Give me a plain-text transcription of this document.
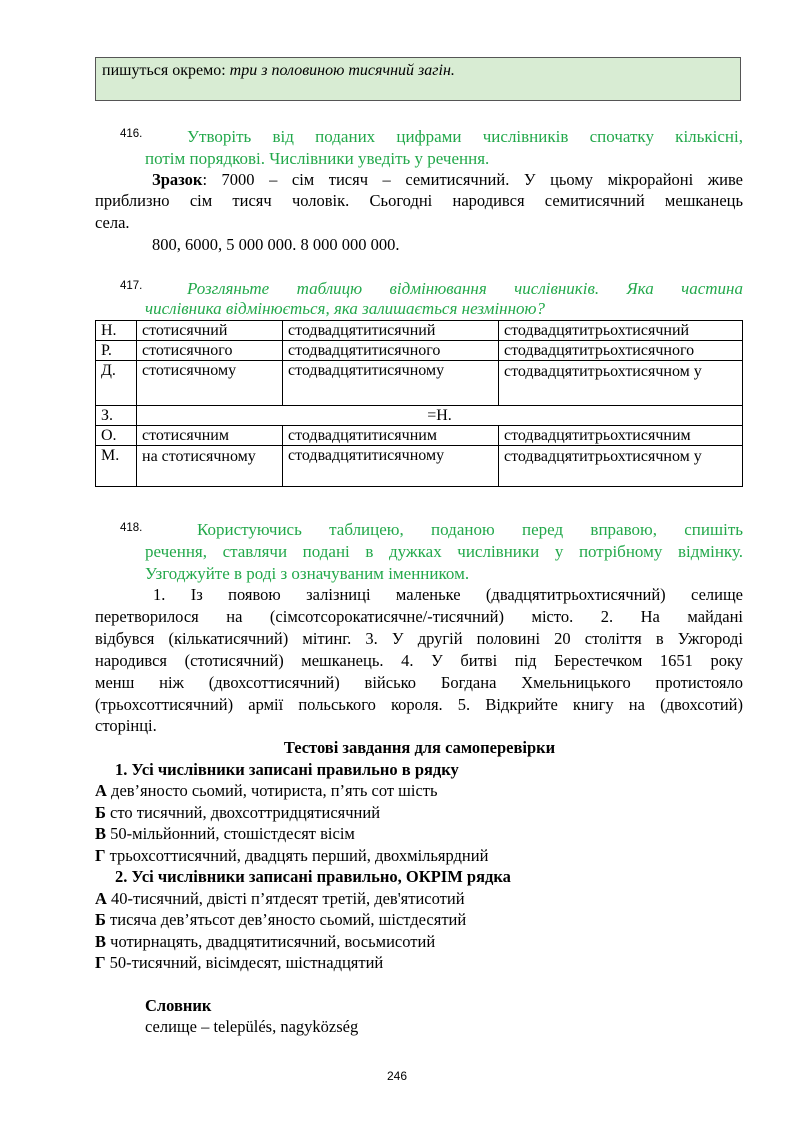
пишуться окремо: три з половиною тисячний загін.
416.	Утворіть від поданих цифрами числівників спочатку кількісні,
потім порядкові. Числівники уведіть у речення.
Зразок: 7000 – сім тисяч – семитисячний. У цьому мікрорайоні живе
приблизно сім тисяч чоловік. Сьогодні народився семитисячний мешканець
села.
800, 6000, 5 000 000. 8 000 000 000.
417.	Розгляньте таблицю відмінювання числівників. Яка частина
числівника відмінюється, яка залишається незмінною?
Н.	стотисячний	стодвадцятитисячний	стодвадцятитрьохтисячний
Р.	стотисячного	стодвадцятитисячного	стодвадцятитрьохтисячного
Д.	стотисячному	стодвадцятитисячному	стодвадцятитрьохтисячном у
З.	=Н.		
О.	стотисячним	стодвадцятитисячним	стодвадцятитрьохтисячним
М.	на стотисячному	стодвадцятитисячному	стодвадцятитрьохтисячном у
418.	Користуючись таблицею, поданою перед вправою, спишіть
речення, ставлячи подані в дужках числівники у потрібному відмінку.
Узгоджуйте в роді з означуваним іменником.
1. Із появою залізниці маленьке (двадцятитрьохтисячний) селище
перетворилося на (сімсотсорокатисячне/-тисячний) місто. 2. На майдані
відбувся (кількатисячний) мітинг. 3. У другій половині 20 століття в Ужгороді
народився (стотисячний) мешканець. 4. У битві під Берестечком 1651 року
менш ніж (двохсоттисячний) військо Богдана Хмельницького протистояло
(трьохсоттисячний) армії польського короля. 5. Відкрийте книгу на (двохсотий)
сторінці.
Тестові завдання для самоперевірки
1. Усі числівники записані правильно в рядку
А дев’яносто сьомий, чотириста, п’ять сот шість
Б сто тисячний, двохсоттридцятисячний
В 50-мільйонний, стошістдесят вісім
Г трьохсоттисячний, двадцять перший, двохмільярдний
2. Усі числівники записані правильно, ОКРІМ рядка
А 40-тисячний, двісті п’ятдесят третій, дев'ятисотий
Б тисяча дев’ятьсот дев’яносто сьомий, шістдесятий
В чотирнацять, двадцятитисячний, восьмисотий
Г 50-тисячний, вісімдесят, шістнадцятий
Словник
селище – település, nagyközség
246
